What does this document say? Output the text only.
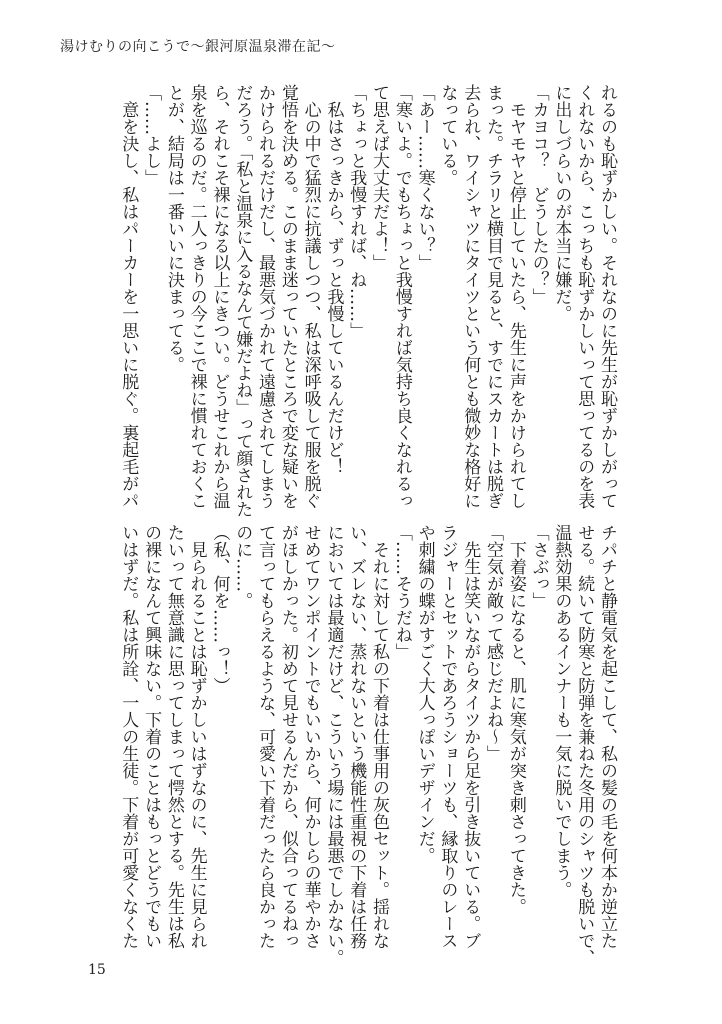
湯けむりの向こうで〜銀河原温泉滞在記〜
れるのも恥ずかしい。それなのに先生が恥ずかしがって
くれないから、こっちも恥ずかしいって思ってるのを表
に出しづらいのが本当に嫌だ。
「カヨコ？　どうしたの？」
　モヤモヤと停止していたら、先生に声をかけられてし
まった。チラリと横目で見ると、すでにスカートは脱ぎ
去られ、ワイシャツにタイツという何とも微妙な格好に
なっている。
「あー……寒くない？」
「寒いよ。でもちょっと我慢すれば気持ち良くなれるっ
て思えば大丈夫だよ！」
「ちょっと我慢すれば、ね……」
　私はさっきから、ずっと我慢しているんだけど！
　心の中で猛烈に抗議しつつ、私は深呼吸して服を脱ぐ
覚悟を決める。このまま迷っていたところで変な疑いを
かけられるだけだし、最悪気づかれて遠慮されてしまう
だろう。「私と温泉に入るなんて嫌だよね」って顔された
ら、それこそ裸になる以上にきつい。どうせこれから温
泉を巡るのだ。二人っきりの今ここで裸に慣れておくこ
とが、結局は一番いいに決まってる。
「……よし」
　意を決し、私はパーカーを一思いに脱ぐ。裏起毛がパ
チパチと静電気を起こして、私の髪の毛を何本か逆立た
せる。続いて防寒と防弾を兼ねた冬用のシャツも脱いで、
温熱効果のあるインナーも一気に脱いでしまう。
「さぶっ」
　下着姿になると、肌に寒気が突き刺さってきた。
「空気が敵って感じだよね～」
　先生は笑いながらタイツから足を引き抜いている。ブ
ラジャーとセットであろうショーツも、縁取りのレース
や刺繍の蝶がすごく大人っぽいデザインだ。
「……そうだね」
　それに対して私の下着は仕事用の灰色セット。揺れな
い、ズレない、蒸れないという機能性重視の下着は任務
においては最適だけど、こういう場には最悪でしかない。
せめてワンポイントでもいいから、何かしらの華やかさ
がほしかった。初めて見せるんだから、似合ってるねっ
て言ってもらえるような、可愛い下着だったら良かった
のに……。
（私、何を……っ！）
　見られることは恥ずかしいはずなのに、先生に見られ
たいって無意識に思ってしまって愕然とする。先生は私
の裸になんて興味ない。下着のことはもっとどうでもい
いはずだ。私は所詮、一人の生徒。下着が可愛くなくた
15
